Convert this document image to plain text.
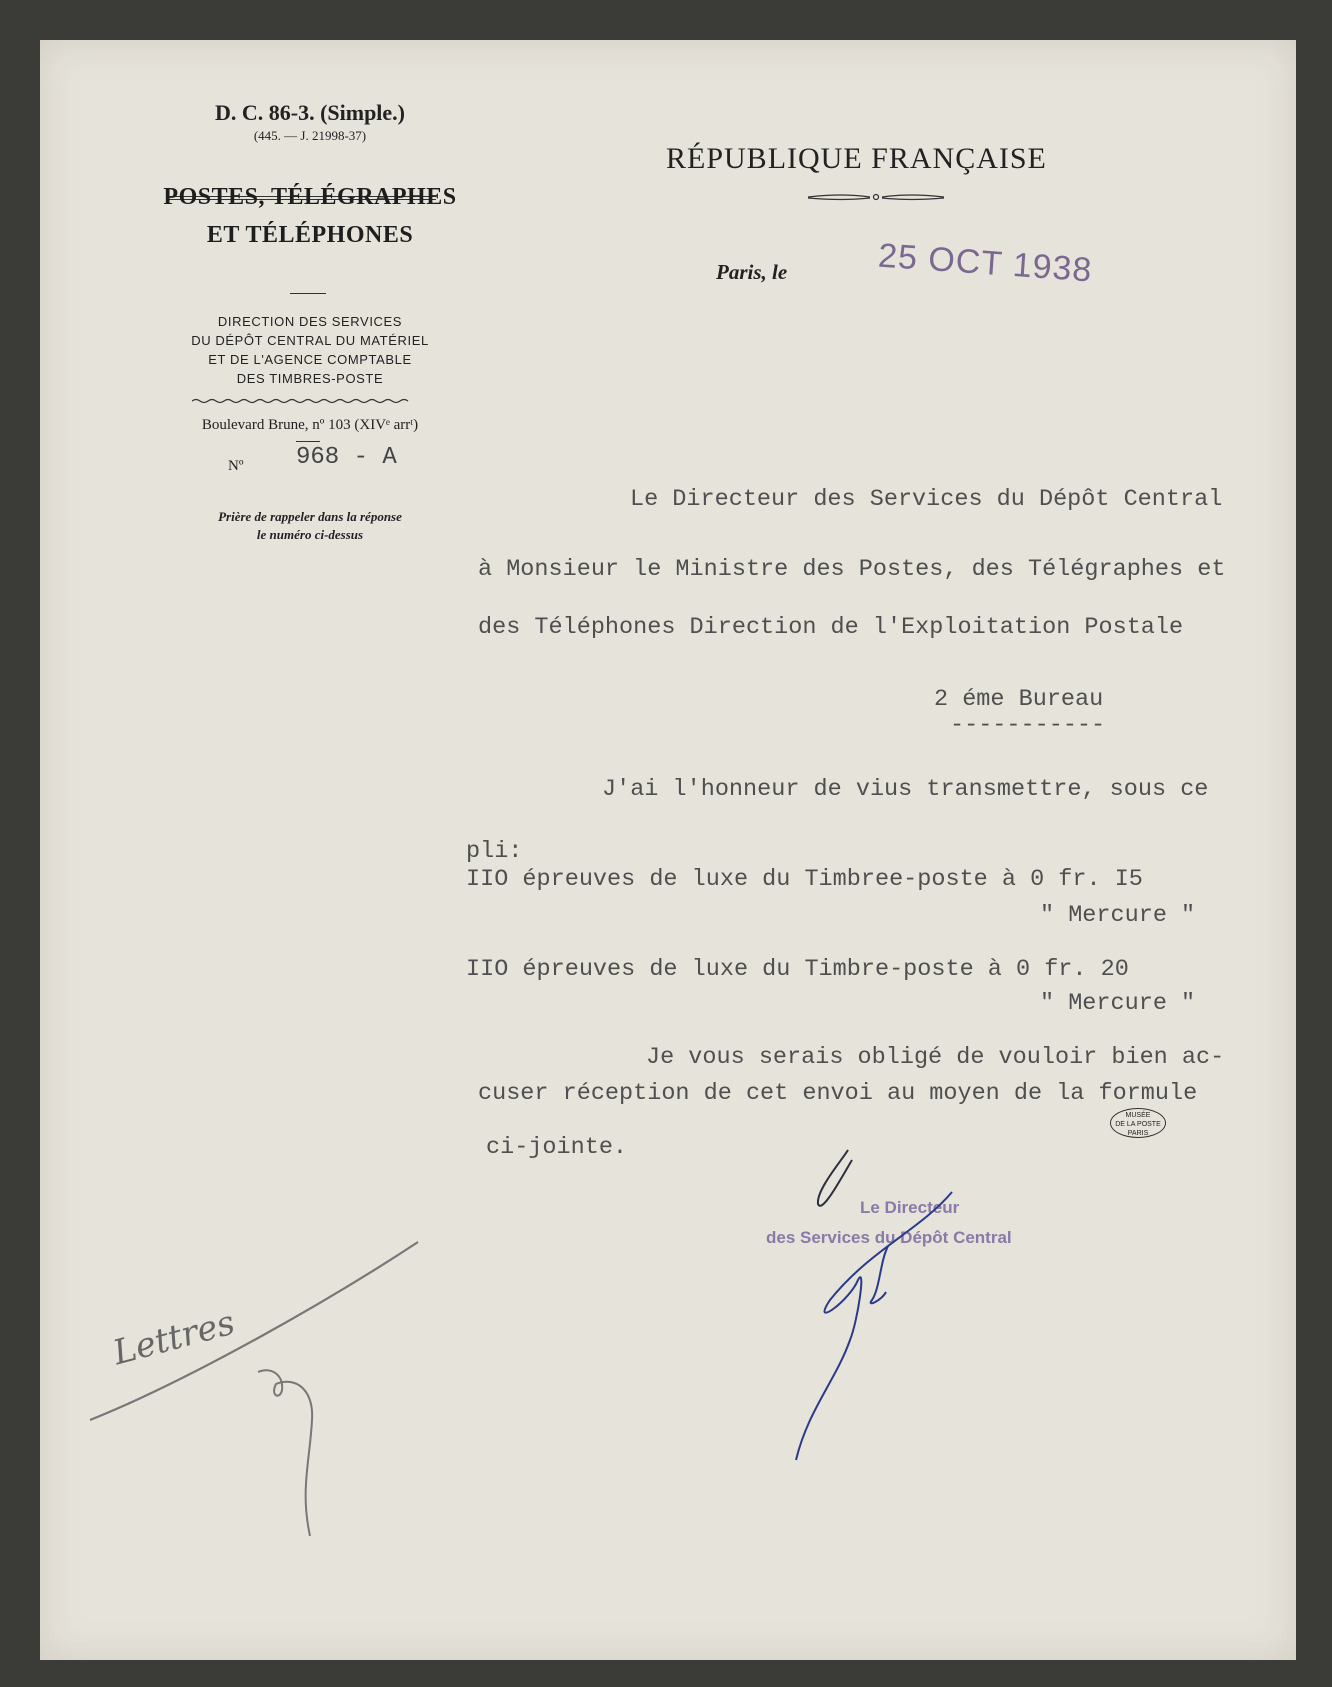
D. C. 86-3. (Simple.)
(445. — J. 21998-37)
POSTES, TÉLÉGRAPHES
ET TÉLÉPHONES
DIRECTION DES SERVICES
DU DÉPÔT CENTRAL DU MATÉRIEL
ET DE L'AGENCE COMPTABLE
DES TIMBRES-POSTE
Boulevard Brune, nº 103 (XIVᵉ arrᵗ)
Nº 968 - A
Prière de rappeler dans la réponse
le numéro ci-dessus
RÉPUBLIQUE FRANÇAISE
Paris, le	25 OCT 1938
Le Directeur des Services du Dépôt Central
à Monsieur le Ministre des Postes, des Télégraphes et
des Téléphones Direction de l'Exploitation Postale
2 éme Bureau
-----------
J'ai l'honneur de vius transmettre, sous ce
pli:
IIO épreuves de luxe du Timbree-poste à 0 fr. I5
" Mercure "
IIO épreuves de luxe du Timbre-poste à 0 fr. 20
" Mercure "
Je vous serais obligé de vouloir bien ac-
cuser réception de cet envoi au moyen de la formule
ci-jointe.
MUSÉE
DE LA POSTE
PARIS
Le Directeur
des Services du Dépôt Central
Lettres
